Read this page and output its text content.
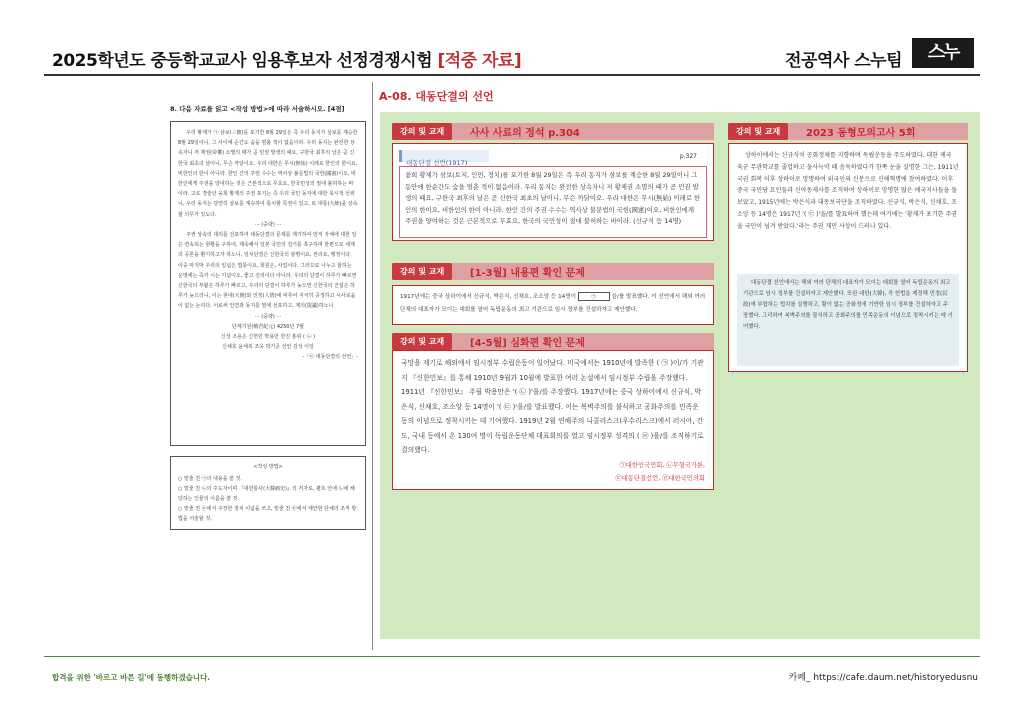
2025학년도 중등학교교사 임용후보자 선정경쟁시험 [적중 자료]	전공역사 스누팀	스누
8. 다음 자료를 읽고 <작성 방법>에 따라 서술하시오. [4점]

우리 황제가 ㉠ 삼보(三寶)를 포기한 8월 29일은 즉 우리 동지가 삼보를 계승한 8월 29일이니, 그 사이에 순간도 숨을 멈춤 적이 없음이라. 우리 동지는 완전한 상속자니 저 제권(帝權) 소멸의 때가 곧 민권 발생의 때요, 구한국 최후의 날은 곧 신한국 최초의 날이니, 무슨 까닭이오. 우리 대한은 무시(無始) 이래로 한인의 한이요, 비한인의 한이 아니라. 한인 간의 주권 수수는 역사상 불문법의 국헌(國憲)이오, 비한인에게 주권을 양여하는 것은 근본적으로 무효요, 한국민성의 절대 불허하는 바이라. 고로 경술년 융희 황제의 주권 포기는 즉 우리 국민 동지에 대한 묵시적 선위니, 우리 동지는 당연히 삼보를 계승하여 통치할 특권이 있고, 또 대통(大統)을 상속할 의무가 있도다.

··· (중략) ···

주권 상속의 대의를 선포하여 대동단결의 문제를 제기하여 먼저 자체에 대한 일은 연속되는 현황을 구하여, 제속해서 일본 국민의 걸기를 촉구하며 한편으로 세계의 공론을 환기하고자 하노니, 일치단결은 신한국의 광명이요, 권리요, 행정이다. 이중 마지막 우리의 일념은 법통이요, 희원은, 사업이다. 그러므로 나누고 합하는 운명에는 즉각 시는 기념이오, 좋고 진리이다 아니라. 우리의 단결이 하루가 빠르면 신한국의 부활은 하루가 빠르고, 우리의 단결이 하루가 늦으면 신한국의 건설은 하루가 늦으리니, 이는 현대(天開)와 인정(人情)에 비추어 지극히 공정하고 시사로움이 없는 논리다. 이로써 인연과 동지를 밑에 선포하고, 제의(提議)하노니

··· (중략) ···
단제기원(檀君紀元) 4250년 7월
신성 조용은 신헌민 박용만 한진 홍위 ( ㉡ )
신채호 윤세복 조욱 박기준 선언 김성 이일
-「㉢ 대동단결의 선언」-
<작성 방법>
○ 밑줄 친 ㉠의 내용을 쓸 것.
○ 밑줄 친 ㉡의 주도자이며 『대한통사(大韓痛史)』의 저자로, 괄호 안에 ㉡에 해당하는 인물의 이름을 쓸 것.
○ 밑줄 친 ㉢에서 주장한 정치 이념을 쓰고, 밑줄 친 ㉢에서 제안한 단체의 조직 방법을 서술할 것.
A-08. 대동단결의 선언
강의 및 교재	사사 사료의 정석 p.304
대동단결 선언(1917)
p.327
융희 황제가 삼보(토지, 인민, 정치)를 포기한 8월 29일은 즉 우리 동지가 삼보를 계승한 8월 29일이니 그동안에 한순간도 숨을 멈춘 적이 없음이라. 우리 동지는 완전한 상속자니 저 황제권 소멸의 때가 곧 민권 발생의 때요, 구한국 최후의 날은 곧 신한국 최초의 날이니, 무슨 까닭이오. 우리 대한은 무시(無始) 이래로 한인의 한이요, 비한인의 한이 아니라. 한인 간의 주권 수수는 역사상 불문법의 국헌(國憲)이오, 비한인에게 주권을 양여하는 것은 근본적으로 무효요, 한국의 국민성이 절대 불허하는 바이라. (신규식 등 14명)
강의 및 교재	[1-3월] 내용편 확인 문제
1917년에는 중국 상하이에서 신규식, 박은식, 신채호, 조소앙 등 14명이	㉠	을/를 발표했다. 이 선언에서 해외 여러 단체의 대표자가 모이는 대회를 열어 독립운동의 최고 기관으로 임시 정부를 건설하자고 제안했다.
강의 및 교재	[4-5월] 심화편 확인 문제
국망을 계기로 해외에서 임시정부 수립운동이 일어났다. 미국에서는 1910년에 발족한 ( ㉠ )이/가 기관지 『신한민보』를 통해 1910년 9월과 10월에 발표한 여러 논설에서 임시정부 수립을 주장했다. 1911년 『신한민보』 주필 박용만은 '( ㉡ )'을/를 주장했다. 1917년에는 중국 상하이에서 신규식, 박은식, 신채호, 조소앙 등 14명이 '( ㉢ )'을/를 발표했다. 이는 복벽주의를 불식하고 공화주의를 민족운동의 이념으로 정착시키는 데 기여했다. 1919년 2월 연해주의 니콜리스크(우수리스크)에서 러시아, 간도, 국내 등에서 온 130여 명이 독립운동단체 대표회의를 열고 임시정부 성격의 ( ㉣ )을/를 조직하기로 결의했다.
㉠대한인국민회, ㉡무형국가론,
㉢대동단결선언, ㉣대한국민의회
강의 및 교재	2023 동형모의고사 5회
상하이에서는 신규식이 공화정체를 지향하며 독립운동을 주도하였다. 대한 제국 육군 무관학교를 졸업하고 을사늑약 때 음독하였다가 한쪽 눈을 실명한 그는, 1911년 국권 회복 이후 상하이로 망명하여 외국인의 신분으로 신해혁명에 참여하였다. 이후 중국 국민당 요인들과 신아동제사를 조직하여 상하이로 망명한 많은 애국지사들을 돌보았고, 1915년에는 박은식과 대동보국단을 조직하였다. 신규식, 박은식, 신채호, 조소앙 등 14명은 1917년 '( ㉢ )'을/를 발표하여 했는데 여기에는 '황제가 포기한 주권을 국민이 넘겨 받았다.'라는 주권 재민 사상이 드러나 있다.
대동단결 선언에서는 해외 여러 단체의 대표자가 모이는 대회를 열어 독립운동의 최고기관으로 임시 정부를 건설하자고 제안했다. 또한 대한(大韓), 즉 헌법을 제정해 민정(民政)에 부합하는 법치를 실행하고, 황이 없는 공화정에 기반한 임시 정부를 건설하자고 주장했다. 그리하여 복벽주의를 불식하고 공화주의를 민족운동의 이념으로 정착시키는 데 기여했다.
합격을 위한 '바르고 바른 길'에 동행하겠습니다.	카페_ https://cafe.daum.net/historyedusnu
